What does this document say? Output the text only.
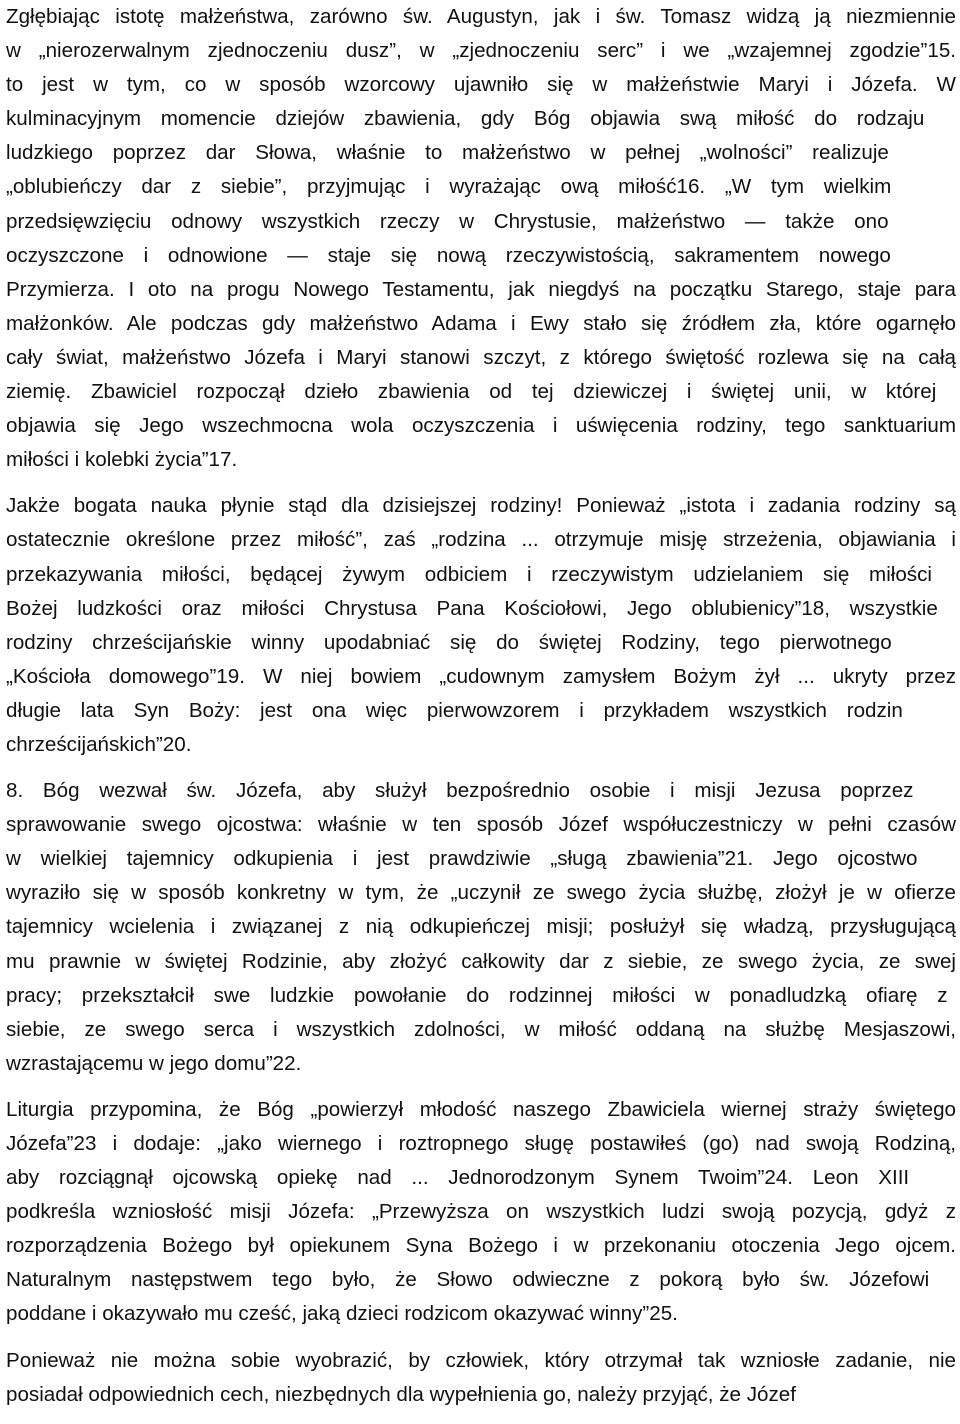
Zgłębiając istotę małżeństwa, zarówno św. Augustyn, jak i św. Tomasz widzą ją niezmiennie
w „nierozerwalnym zjednoczeniu dusz”, w „zjednoczeniu serc” i we „wzajemnej zgodzie”15.
to jest w tym, co w sposób wzorcowy ujawniło się w małżeństwie Maryi i Józefa. W
kulminacyjnym momencie dziejów zbawienia, gdy Bóg objawia swą miłość do rodzaju
ludzkiego poprzez dar Słowa, właśnie to małżeństwo w pełnej „wolności” realizuje
„oblubieńczy dar z siebie”, przyjmując i wyrażając ową miłość16. „W tym wielkim
przedsięwzięciu odnowy wszystkich rzeczy w Chrystusie, małżeństwo — także ono
oczyszczone i odnowione — staje się nową rzeczywistością, sakramentem nowego
Przymierza. I oto na progu Nowego Testamentu, jak niegdyś na początku Starego, staje para
małżonków. Ale podczas gdy małżeństwo Adama i Ewy stało się źródłem zła, które ogarnęło
cały świat, małżeństwo Józefa i Maryi stanowi szczyt, z którego świętość rozlewa się na całą
ziemię. Zbawiciel rozpoczął dzieło zbawienia od tej dziewiczej i świętej unii, w której
objawia się Jego wszechmocna wola oczyszczenia i uświęcenia rodziny, tego sanktuarium
miłości i kolebki życia”17.
Jakże bogata nauka płynie stąd dla dzisiejszej rodziny! Ponieważ „istota i zadania rodziny są
ostatecznie określone przez miłość”, zaś „rodzina ... otrzymuje misję strzeżenia, objawiania i
przekazywania miłości, będącej żywym odbiciem i rzeczywistym udzielaniem się miłości
Bożej ludzkości oraz miłości Chrystusa Pana Kościołowi, Jego oblubienicy”18, wszystkie
rodziny chrześcijańskie winny upodabniać się do świętej Rodziny, tego pierwotnego
„Kościoła domowego”19. W niej bowiem „cudownym zamysłem Bożym żył ... ukryty przez
długie lata Syn Boży: jest ona więc pierwowzorem i przykładem wszystkich rodzin
chrześcijańskich”20.
8. Bóg wezwał św. Józefa, aby służył bezpośrednio osobie i misji Jezusa poprzez
sprawowanie swego ojcostwa: właśnie w ten sposób Józef współuczestniczy w pełni czasów
w wielkiej tajemnicy odkupienia i jest prawdziwie „sługą zbawienia”21. Jego ojcostwo
wyraziło się w sposób konkretny w tym, że „uczynił ze swego życia służbę, złożył je w ofierze
tajemnicy wcielenia i związanej z nią odkupieńczej misji; posłużył się władzą, przysługującą
mu prawnie w świętej Rodzinie, aby złożyć całkowity dar z siebie, ze swego życia, ze swej
pracy; przekształcił swe ludzkie powołanie do rodzinnej miłości w ponadludzką ofiarę z
siebie, ze swego serca i wszystkich zdolności, w miłość oddaną na służbę Mesjaszowi,
wzrastającemu w jego domu”22.
Liturgia przypomina, że Bóg „powierzył młodość naszego Zbawiciela wiernej straży świętego
Józefa”23 i dodaje: „jako wiernego i roztropnego sługę postawiłeś (go) nad swoją Rodziną,
aby rozciągnął ojcowską opiekę nad ... Jednorodzonym Synem Twoim”24. Leon XIII
podkreśla wzniosłość misji Józefa: „Przewyższa on wszystkich ludzi swoją pozycją, gdyż z
rozporządzenia Bożego był opiekunem Syna Bożego i w przekonaniu otoczenia Jego ojcem.
Naturalnym następstwem tego było, że Słowo odwieczne z pokorą było św. Józefowi
poddane i okazywało mu cześć, jaką dzieci rodzicom okazywać winny”25.
Ponieważ nie można sobie wyobrazić, by człowiek, który otrzymał tak wzniosłe zadanie, nie
posiadał odpowiednich cech, niezbędnych dla wypełnienia go, należy przyjąć, że Józef
